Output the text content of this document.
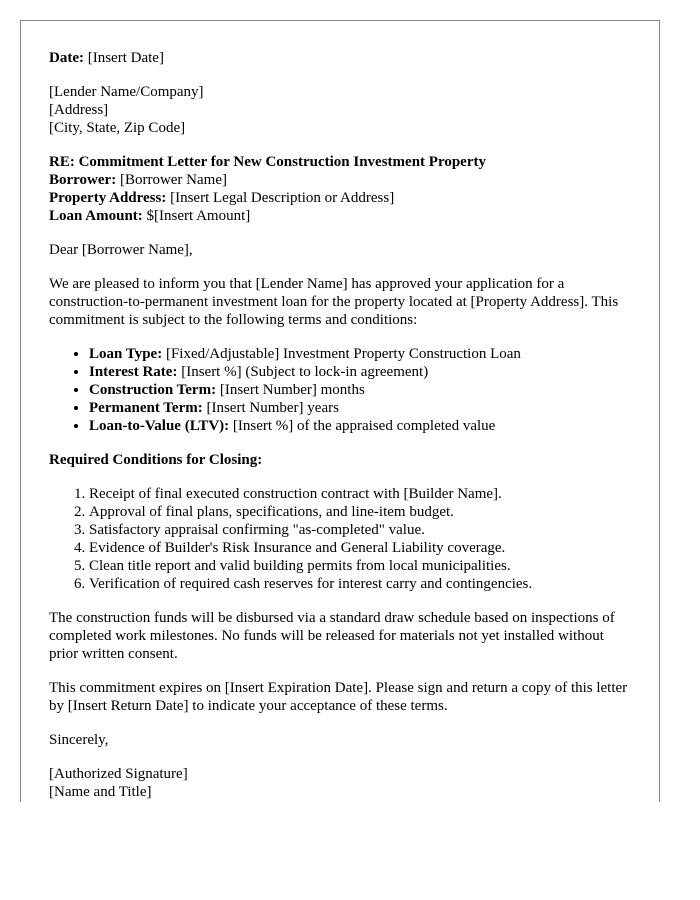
Date: [Insert Date]

[Lender Name/Company]
[Address]
[City, State, Zip Code]

RE: Commitment Letter for New Construction Investment Property
Borrower: [Borrower Name]
Property Address: [Insert Legal Description or Address]
Loan Amount: $[Insert Amount]

Dear [Borrower Name],

We are pleased to inform you that [Lender Name] has approved your application for a construction-to-permanent investment loan for the property located at [Property Address]. This commitment is subject to the following terms and conditions:

• Loan Type: [Fixed/Adjustable] Investment Property Construction Loan
• Interest Rate: [Insert %] (Subject to lock-in agreement)
• Construction Term: [Insert Number] months
• Permanent Term: [Insert Number] years
• Loan-to-Value (LTV): [Insert %] of the appraised completed value

Required Conditions for Closing:

1. Receipt of final executed construction contract with [Builder Name].
2. Approval of final plans, specifications, and line-item budget.
3. Satisfactory appraisal confirming "as-completed" value.
4. Evidence of Builder's Risk Insurance and General Liability coverage.
5. Clean title report and valid building permits from local municipalities.
6. Verification of required cash reserves for interest carry and contingencies.

The construction funds will be disbursed via a standard draw schedule based on inspections of completed work milestones. No funds will be released for materials not yet installed without prior written consent.

This commitment expires on [Insert Expiration Date]. Please sign and return a copy of this letter by [Insert Return Date] to indicate your acceptance of these terms.

Sincerely,

[Authorized Signature]
[Name and Title]
